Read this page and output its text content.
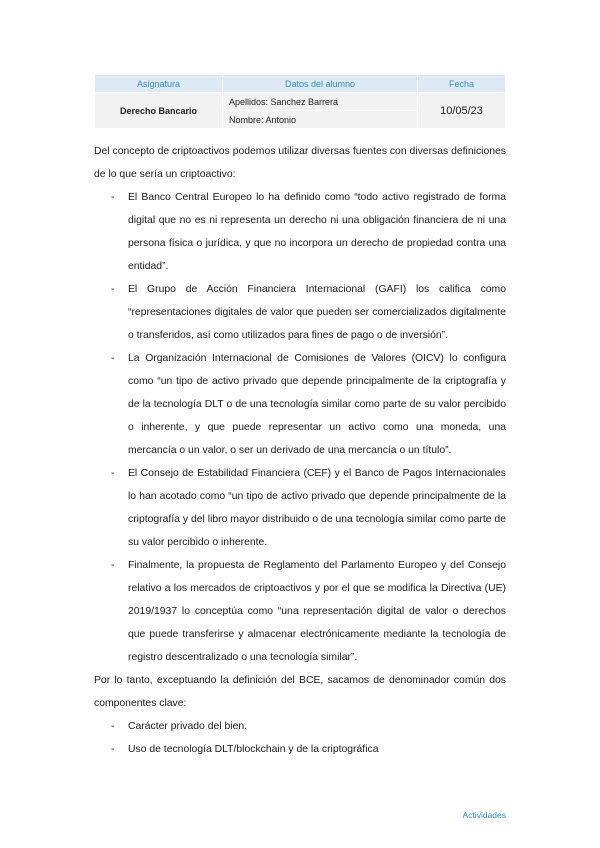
Asignatura	Datos del alumno	Fecha
Derecho Bancario	Apellidos: Sanchez Barrera	10/05/23
	Nombre: Antonio	

Del concepto de criptoactivos podemos utilizar diversas fuentes con diversas definiciones de lo que sería un criptoactivo:

- El Banco Central Europeo lo ha definido como “todo activo registrado de forma digital que no es ni representa un derecho ni una obligación financiera de ni una persona física o jurídica, y que no incorpora un derecho de propiedad contra una entidad”.
- El Grupo de Acción Financiera Internacional (GAFI) los califica como “representaciones digitales de valor que pueden ser comercializados digitalmente o transferidos, así como utilizados para fines de pago o de inversión”.
- La Organización Internacional de Comisiones de Valores (OICV) lo configura como “un tipo de activo privado que depende principalmente de la criptografía y de la tecnología DLT o de una tecnología similar como parte de su valor percibido o inherente, y que puede representar un activo como una moneda, una mercancía o un valor, o ser un derivado de una mercancía o un título”.
- El Consejo de Estabilidad Financiera (CEF) y el Banco de Pagos Internacionales lo han acotado como “un tipo de activo privado que depende principalmente de la criptografía y del libro mayor distribuido o de una tecnología similar como parte de su valor percibido o inherente.
- Finalmente, la propuesta de Reglamento del Parlamento Europeo y del Consejo relativo a los mercados de criptoactivos y por el que se modifica la Directiva (UE) 2019/1937 lo conceptúa como “una representación digital de valor o derechos que puede transferirse y almacenar electrónicamente mediante la tecnología de registro descentralizado o una tecnología similar”.

Por lo tanto, exceptuando la definición del BCE, sacamos de denominador común dos componentes clave:

- Carácter privado del bien.
- Uso de tecnología DLT/blockchain y de la criptográfica
Actividades
